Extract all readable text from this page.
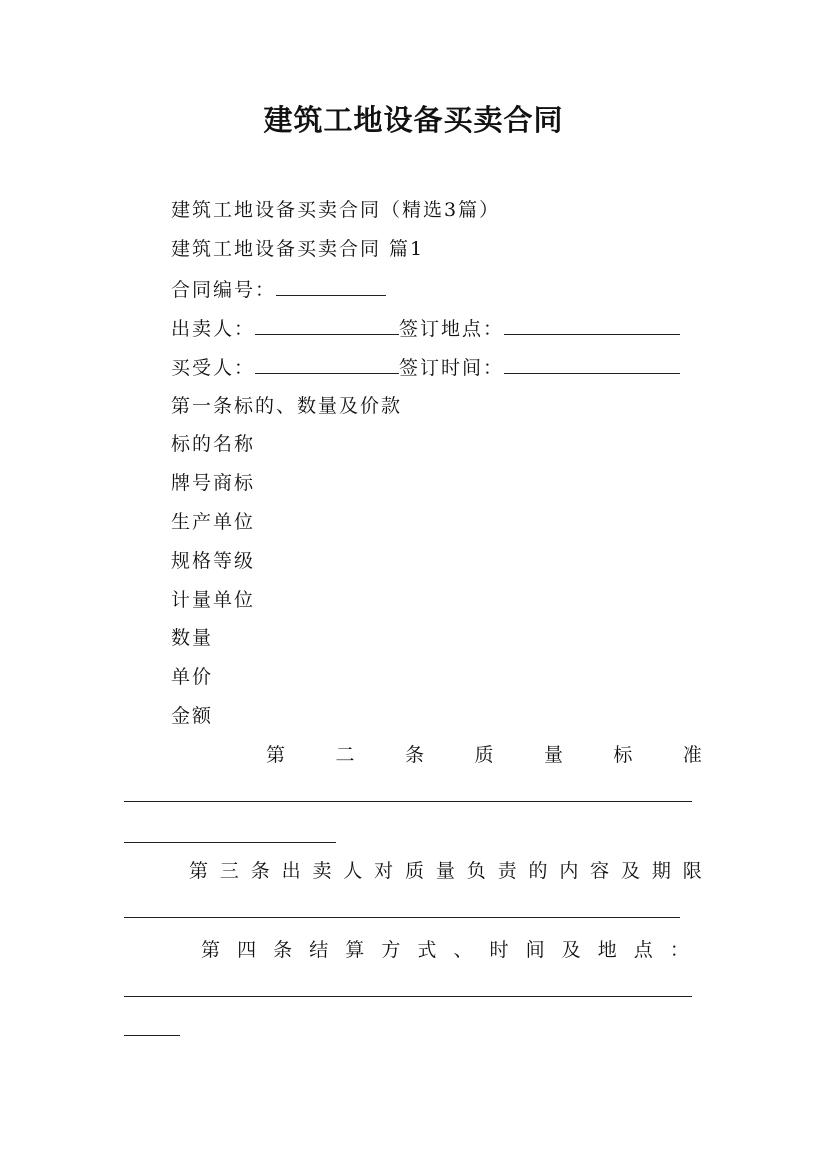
建筑工地设备买卖合同

建筑工地设备买卖合同（精选3篇）

建筑工地设备买卖合同 篇1

合同编号：

出卖人：	签订地点：

买受人：	签订时间：

第一条标的、数量及价款

标的名称

牌号商标

生产单位

规格等级

计量单位

数量

单价

金额

第	二	条	质	量	标	准
第 三 条 出 卖 人 对 质 量 负 责 的 内 容 及 期 限
第 四 条 结 算 方 式 、 时 间 及 地 点 ：
